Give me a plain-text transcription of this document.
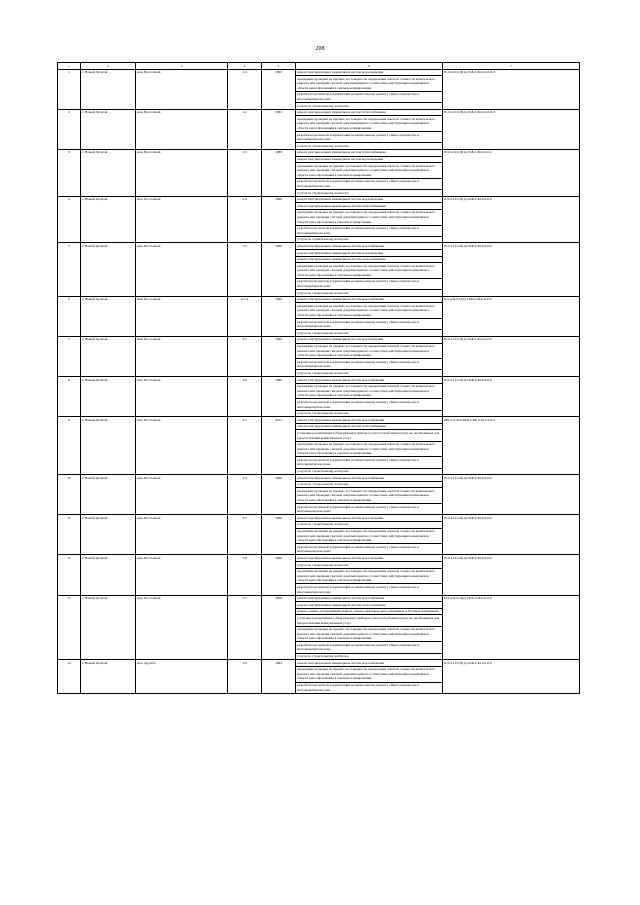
208
1	2	3	4	5	6	7
1	г. Новый Уренгой	мкр. Восточный	1/4	1990	ремонт внутридомовых инженерных систем водоотведения	П-5-0-П-0-П(1)-СКБ-0-М-0-0-0-0-0
					проведение проверки на предмет достоверности определения сметной стоимости капитального ремонта или проверки сметной документации на соответствие действующим нормативам в области ценообразования в сметном нормировании	
					разработка проектной документации на капитальному ремонту общего имущества в многоквартирном доме	
					услуги по строительному контролю	
2	г. Новый Уренгой	мкр. Восточный	1/2	1992	ремонт внутридомовых инженерных систем теплоснабжения	П-5-5-П-0-П(2)-СКБ-0-М-0-0-0-0-0
					проведение проверки на предмет достоверности определения сметной стоимости капитального ремонта или проверки сметной документации на соответствие действующим нормативам в области ценообразования в сметном нормировании	
					разработка проектной документации на капитальному ремонту общего имущества в многоквартирном доме	
					услуги по строительному контролю	
3	г. Новый Уренгой	мкр. Восточный	1/3	1988	ремонт внутридомовых инженерных систем теплоснабжения	П-9-2-П-0-П(1)-СКБ-2-М-0-0-0-0
					ремонт внутридомовых инженерных систем водоотведения	
					проведение проверки на предмет достоверности определения сметной стоимости капитального ремонта или проверки сметной документации на соответствие действующим нормативам в области ценообразования в сметном нормировании	
					разработка проектной документации на капитальному ремонту общего имущества в многоквартирном доме	
					услуги по строительному контролю	
4	г. Новый Уренгой	мкр. Восточный	1/4	1988	ремонт внутридомовых инженерных систем водоотведения	П-9-2-П-0-П(1)-СКБ-2-М-0-0-0-0
					ремонт внутридомовых инженерных систем теплоснабжения	
					проведение проверки на предмет достоверности определения сметной стоимости капитального ремонта или проверки сметной документации на соответствие действующим нормативам в области ценообразования в сметном нормировании	
					разработка проектной документации на капитальному ремонту общего имущества в многоквартирном доме	
					услуги по строительному контролю	
5	г. Новый Уренгой	мкр. Восточный	1/5	1988	ремонт внутридомовых инженерных систем водоснабжения	П-9-2-П-0-П(1)-СКБ-2-М-0-0-0-0
					ремонт внутридомовых инженерных систем водоотведения	
					ремонт внутридомовых инженерных систем теплоснабжения	
					проведение проверки на предмет достоверности определения сметной стоимости капитального ремонта или проверки сметной документации на соответствие действующим нормативам в области ценообразования в сметном нормировании	
					разработка проектной документации на капитальному ремонту общего имущества в многоквартирном доме	
					услуги по строительному контролю	
6	г. Новый Уренгой	мкр. Восточный	2/2 А	1989	ремонт внутридомовых инженерных систем водоснабжения	Б-5-4-П-0-П(2)-СКБ-0-М-0-0-0-0
					проведение проверки на предмет достоверности определения сметной стоимости капитального ремонта или проверки сметной документации на соответствие действующим нормативам в области ценообразования в сметном нормировании	
					разработка проектной документации на капитальному ремонту общего имущества в многоквартирном доме	
					услуги по строительному контролю	
7	г. Новый Уренгой	мкр. Восточный	2/5	1989	ремонт внутридомовых инженерных систем водоотведения	П-9-2-П-0-П(1)-СКБ-2-М-0-0-0-0
					проведение проверки на предмет достоверности определения сметной стоимости капитального ремонта или проверки сметной документации на соответствие действующим нормативам в области ценообразования в сметном нормировании	
					разработка проектной документации на капитальному ремонту общего имущества в многоквартирном доме	
					услуги по строительному контролю	
8	г. Новый Уренгой	мкр. Восточный	2/6	1989	ремонт внутридомовых инженерных систем водоснабжения	П-9-2-П-0-П(1)-СКБ-2-М-0-0-0-0
					проведение проверки на предмет достоверности определения сметной стоимости капитального ремонта или проверки сметной документации на соответствие действующим нормативам в области ценообразования в сметном нормировании	
					разработка проектной документации на капитальному ремонту общего имущества в многоквартирном доме	
					услуги по строительному контролю	
9	г. Новый Уренгой	мкр. Восточный	3/2	2013	ремонт внутридомовых инженерных систем водоснабжения	ШК-5-2-П-0-П(2)-СКБ-2-М-0-0-0-0
					ремонт внутридомовых инженерных систем теплоснабжения	
					установка коллективных (общедомовых) приборов учета потребления ресурсов, необходимых для предоставления коммунальных услуг	
					проведение проверки на предмет достоверности определения сметной стоимости капитального ремонта или проверки сметной документации на соответствие действующим нормативам в области ценообразования в сметном нормировании	
					разработка проектной документации на капитальному ремонту общего имущества в многоквартирном доме	
					услуги по строительному контролю	
10	г. Новый Уренгой	мкр. Восточный	3/4	1990	ремонт внутридомовых инженерных систем водоснабжения	П-9-2-П-0-П(1)-СКБ-2-М-0-0-0-0
					услуги по строительному контролю	
					проведение проверки на предмет достоверности определения сметной стоимости капитального ремонта или проверки сметной документации на соответствие действующим нормативам в области ценообразования в сметном нормировании	
					разработка проектной документации на капитальному ремонту общего имущества в многоквартирном доме	
11	г. Новый Уренгой	мкр. Восточный	3/5	1989	ремонт внутридомовых инженерных систем водоотведения	П-9-3-П-0-П(1)-СКБ-2-М-0-0-0-0
					услуги по строительному контролю	
					проведение проверки на предмет достоверности определения сметной стоимости капитального ремонта или проверки сметной документации на соответствие действующим нормативам в области ценообразования в сметном нормировании	
					разработка проектной документации на капитальному ремонту общего имущества в многоквартирном доме	
12	г. Новый Уренгой	мкр. Восточный	5/6	1999	ремонт внутридомовых инженерных систем водоотведения	П-9-4-П-0-П(1)-СКБ-2-М-0-0-0-0
					услуги по строительному контролю	
					проведение проверки на предмет достоверности определения сметной стоимости капитального ремонта или проверки сметной документации на соответствие действующим нормативам в области ценообразования в сметном нормировании	
					разработка проектной документации на капитальному ремонту общего имущества в многоквартирном доме	
13	г. Новый Уренгой	мкр. Восточный	5/5	2006	ремонт внутридомовых инженерных систем водоснабжения	К-9-2-П-0-П(2)-СКБ-3-М-0-0-0-0
					ремонт внутридомовых инженерных систем теплоснабжения	
					ремонт, замена, модернизация лифтов, ремонт лифтовых шахт, машинных и блочных помещений	
					установка коллективных (общедомовых) приборов учета потребления ресурсов, необходимых для предоставления коммунальных услуг	
					проведение проверки на предмет достоверности определения сметной стоимости капитального ремонта или проверки сметной документации на соответствие действующим нормативам в области ценообразования в сметном нормировании	
					разработка проектной документации на капитальному ремонту общего имущества в многоквартирном доме	
					услуги по строительному контролю	
14	г. Новый Уренгой	мкр. Дружба	1/9	1994	ремонт внутридомовых инженерных систем водоснабжения	П-9-5-П-0-П(1)-СКБ-2-М-0-0-0-0
					проведение проверки на предмет достоверности определения сметной стоимости капитального ремонта или проверки сметной документации на соответствие действующим нормативам в области ценообразования в сметном нормировании	
					разработка проектной документации на капитальному ремонту общего имущества в многоквартирном доме	
